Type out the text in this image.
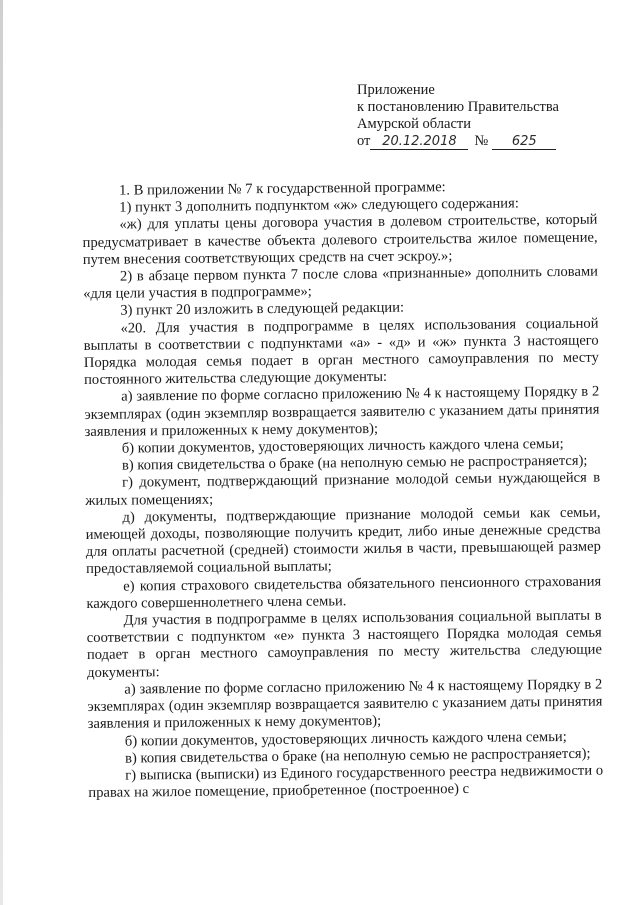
Приложение
к постановлению Правительства
Амурской области
от 20.12.2018	№	625

1. В приложении № 7 к государственной программе:

1) пункт 3 дополнить подпунктом «ж» следующего содержания:

«ж) для уплаты цены договора участия в долевом строительстве, который предусматривает в качестве объекта долевого строительства жилое помещение, путем внесения соответствующих средств на счет эскроу.»;

2) в абзаце первом пункта 7 после слова «признанные» дополнить словами «для цели участия в подпрограмме»;

3) пункт 20 изложить в следующей редакции:

«20. Для участия в подпрограмме в целях использования социальной выплаты в соответствии с подпунктами «а» - «д» и «ж» пункта 3 настоящего Порядка молодая семья подает в орган местного самоуправления по месту постоянного жительства следующие документы:

а) заявление по форме согласно приложению № 4 к настоящему Порядку в 2 экземплярах (один экземпляр возвращается заявителю с указанием даты принятия заявления и приложенных к нему документов);

б) копии документов, удостоверяющих личность каждого члена семьи;

в) копия свидетельства о браке (на неполную семью не распространяется);

г) документ, подтверждающий признание молодой семьи нуждающейся в жилых помещениях;

д) документы, подтверждающие признание молодой семьи как семьи, имеющей доходы, позволяющие получить кредит, либо иные денежные средства для оплаты расчетной (средней) стоимости жилья в части, превышающей размер предоставляемой социальной выплаты;

е) копия страхового свидетельства обязательного пенсионного страхования каждого совершеннолетнего члена семьи.

Для участия в подпрограмме в целях использования социальной выплаты в соответствии с подпунктом «е» пункта 3 настоящего Порядка молодая семья подает в орган местного самоуправления по месту жительства следующие документы:

а) заявление по форме согласно приложению № 4 к настоящему Порядку в 2 экземплярах (один экземпляр возвращается заявителю с указанием даты принятия заявления и приложенных к нему документов);

б) копии документов, удостоверяющих личность каждого члена семьи;

в) копия свидетельства о браке (на неполную семью не распространяется);

г) выписка (выписки) из Единого государственного реестра недвижимости о правах на жилое помещение, приобретенное (построенное) с
